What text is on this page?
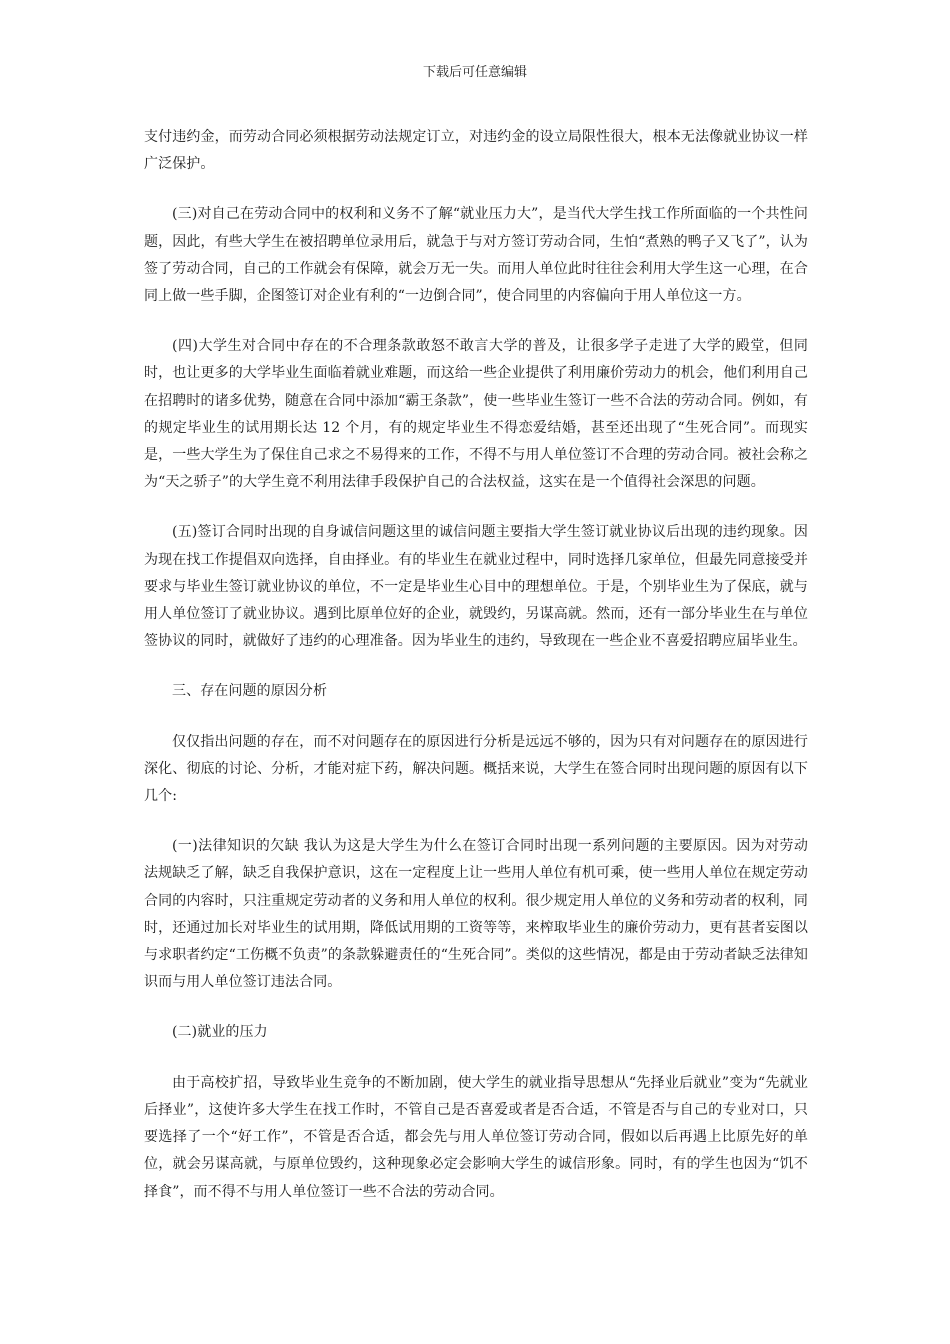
下载后可任意编辑

支付违约金，而劳动合同必须根据劳动法规定订立，对违约金的设立局限性很大，根本无法像就业协议一样广泛保护。

(三)对自己在劳动合同中的权利和义务不了解“就业压力大”，是当代大学生找工作所面临的一个共性问题，因此，有些大学生在被招聘单位录用后，就急于与对方签订劳动合同，生怕“煮熟的鸭子又飞了”，认为签了劳动合同，自己的工作就会有保障，就会万无一失。而用人单位此时往往会利用大学生这一心理，在合同上做一些手脚，企图签订对企业有利的“一边倒合同”，使合同里的内容偏向于用人单位这一方。

(四)大学生对合同中存在的不合理条款敢怒不敢言大学的普及，让很多学子走进了大学的殿堂，但同时，也让更多的大学毕业生面临着就业难题，而这给一些企业提供了利用廉价劳动力的机会，他们利用自己在招聘时的诸多优势，随意在合同中添加“霸王条款”，使一些毕业生签订一些不合法的劳动合同。例如，有的规定毕业生的试用期长达 12 个月，有的规定毕业生不得恋爱结婚，甚至还出现了“生死合同”。而现实是，一些大学生为了保住自己求之不易得来的工作，不得不与用人单位签订不合理的劳动合同。被社会称之为“天之骄子”的大学生竟不利用法律手段保护自己的合法权益，这实在是一个值得社会深思的问题。

(五)签订合同时出现的自身诚信问题这里的诚信问题主要指大学生签订就业协议后出现的违约现象。因为现在找工作提倡双向选择，自由择业。有的毕业生在就业过程中，同时选择几家单位，但最先同意接受并要求与毕业生签订就业协议的单位，不一定是毕业生心目中的理想单位。于是，个别毕业生为了保底，就与用人单位签订了就业协议。遇到比原单位好的企业，就毁约，另谋高就。然而，还有一部分毕业生在与单位签协议的同时，就做好了违约的心理准备。因为毕业生的违约，导致现在一些企业不喜爱招聘应届毕业生。

三、存在问题的原因分析

仅仅指出问题的存在，而不对问题存在的原因进行分析是远远不够的，因为只有对问题存在的原因进行深化、彻底的讨论、分析，才能对症下药，解决问题。概括来说，大学生在签合同时出现问题的原因有以下几个:

(一)法律知识的欠缺 我认为这是大学生为什么在签订合同时出现一系列问题的主要原因。因为对劳动法规缺乏了解，缺乏自我保护意识，这在一定程度上让一些用人单位有机可乘，使一些用人单位在规定劳动合同的内容时，只注重规定劳动者的义务和用人单位的权利。很少规定用人单位的义务和劳动者的权利，同时，还通过加长对毕业生的试用期，降低试用期的工资等等，来榨取毕业生的廉价劳动力，更有甚者妄图以与求职者约定“工伤概不负责”的条款躲避责任的“生死合同”。类似的这些情况，都是由于劳动者缺乏法律知识而与用人单位签订违法合同。

(二)就业的压力

由于高校扩招，导致毕业生竞争的不断加剧，使大学生的就业指导思想从“先择业后就业”变为“先就业后择业”，这使许多大学生在找工作时，不管自己是否喜爱或者是否合适，不管是否与自己的专业对口，只要选择了一个“好工作”，不管是否合适，都会先与用人单位签订劳动合同，假如以后再遇上比原先好的单位，就会另谋高就，与原单位毁约，这种现象必定会影响大学生的诚信形象。同时，有的学生也因为“饥不择食”，而不得不与用人单位签订一些不合法的劳动合同。
